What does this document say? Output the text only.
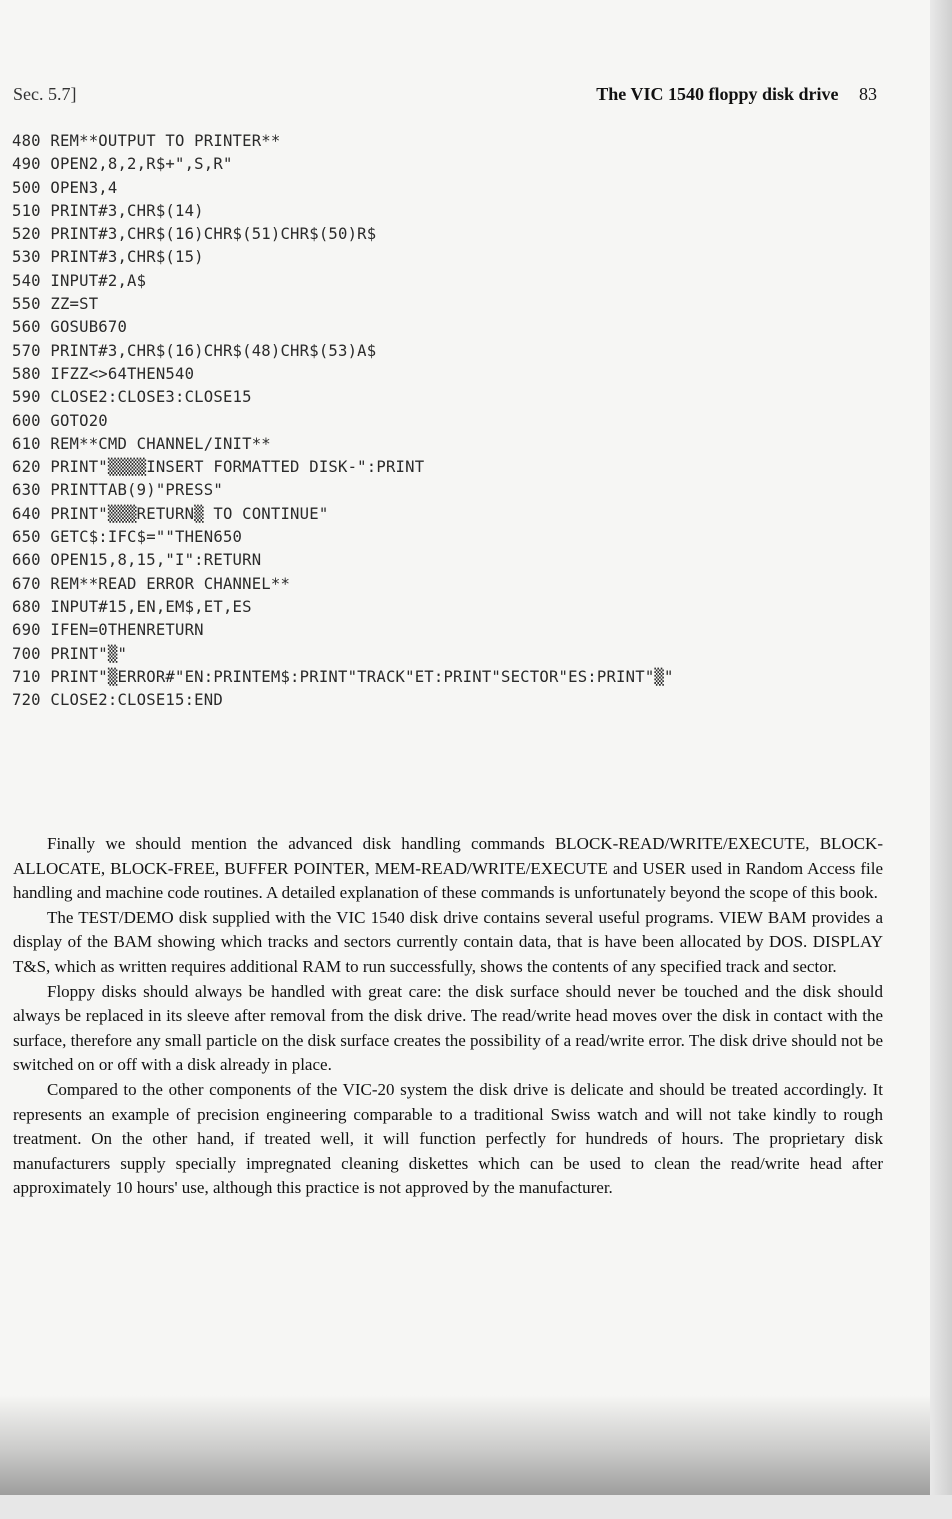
Sec. 5.7]	The VIC 1540 floppy disk drive 83
480 REM**OUTPUT TO PRINTER**
490 OPEN2,8,2,R$+",S,R"
500 OPEN3,4
510 PRINT#3,CHR$(14)
520 PRINT#3,CHR$(16)CHR$(51)CHR$(50)R$
530 PRINT#3,CHR$(15)
540 INPUT#2,A$
550 ZZ=ST
560 GOSUB670
570 PRINT#3,CHR$(16)CHR$(48)CHR$(53)A$
580 IFZZ<>64THEN540
590 CLOSE2:CLOSE3:CLOSE15
600 GOTO20
610 REM**CMD CHANNEL/INIT**
620 PRINT"▒▒▒▒INSERT FORMATTED DISK-":PRINT
630 PRINTTAB(9)"PRESS"
640 PRINT"▒▒▒RETURN▒ TO CONTINUE"
650 GETC$:IFC$=""THEN650
660 OPEN15,8,15,"I":RETURN
670 REM**READ ERROR CHANNEL**
680 INPUT#15,EN,EM$,ET,ES
690 IFEN=0THENRETURN
700 PRINT"▒"
710 PRINT"▒ERROR#"EN:PRINTEM$:PRINT"TRACK"ET:PRINT"SECTOR"ES:PRINT"▒"
720 CLOSE2:CLOSE15:END

Finally we should mention the advanced disk handling commands BLOCK-READ/WRITE/EXECUTE, BLOCK-ALLOCATE, BLOCK-FREE, BUFFER POINTER, MEM-READ/WRITE/EXECUTE and USER used in Random Access file handling and machine code routines. A detailed explanation of these commands is unfortunately beyond the scope of this book.

The TEST/DEMO disk supplied with the VIC 1540 disk drive contains several useful programs. VIEW BAM provides a display of the BAM showing which tracks and sectors currently contain data, that is have been allocated by DOS. DISPLAY T&S, which as written requires additional RAM to run successfully, shows the contents of any specified track and sector.

Floppy disks should always be handled with great care: the disk surface should never be touched and the disk should always be replaced in its sleeve after removal from the disk drive. The read/write head moves over the disk in contact with the surface, therefore any small particle on the disk surface creates the possibility of a read/write error. The disk drive should not be switched on or off with a disk already in place.

Compared to the other components of the VIC-20 system the disk drive is delicate and should be treated accordingly. It represents an example of precision engineering comparable to a traditional Swiss watch and will not take kindly to rough treatment. On the other hand, if treated well, it will function perfectly for hundreds of hours. The proprietary disk manufacturers supply specially impregnated cleaning diskettes which can be used to clean the read/write head after approximately 10 hours' use, although this practice is not approved by the manufacturer.
